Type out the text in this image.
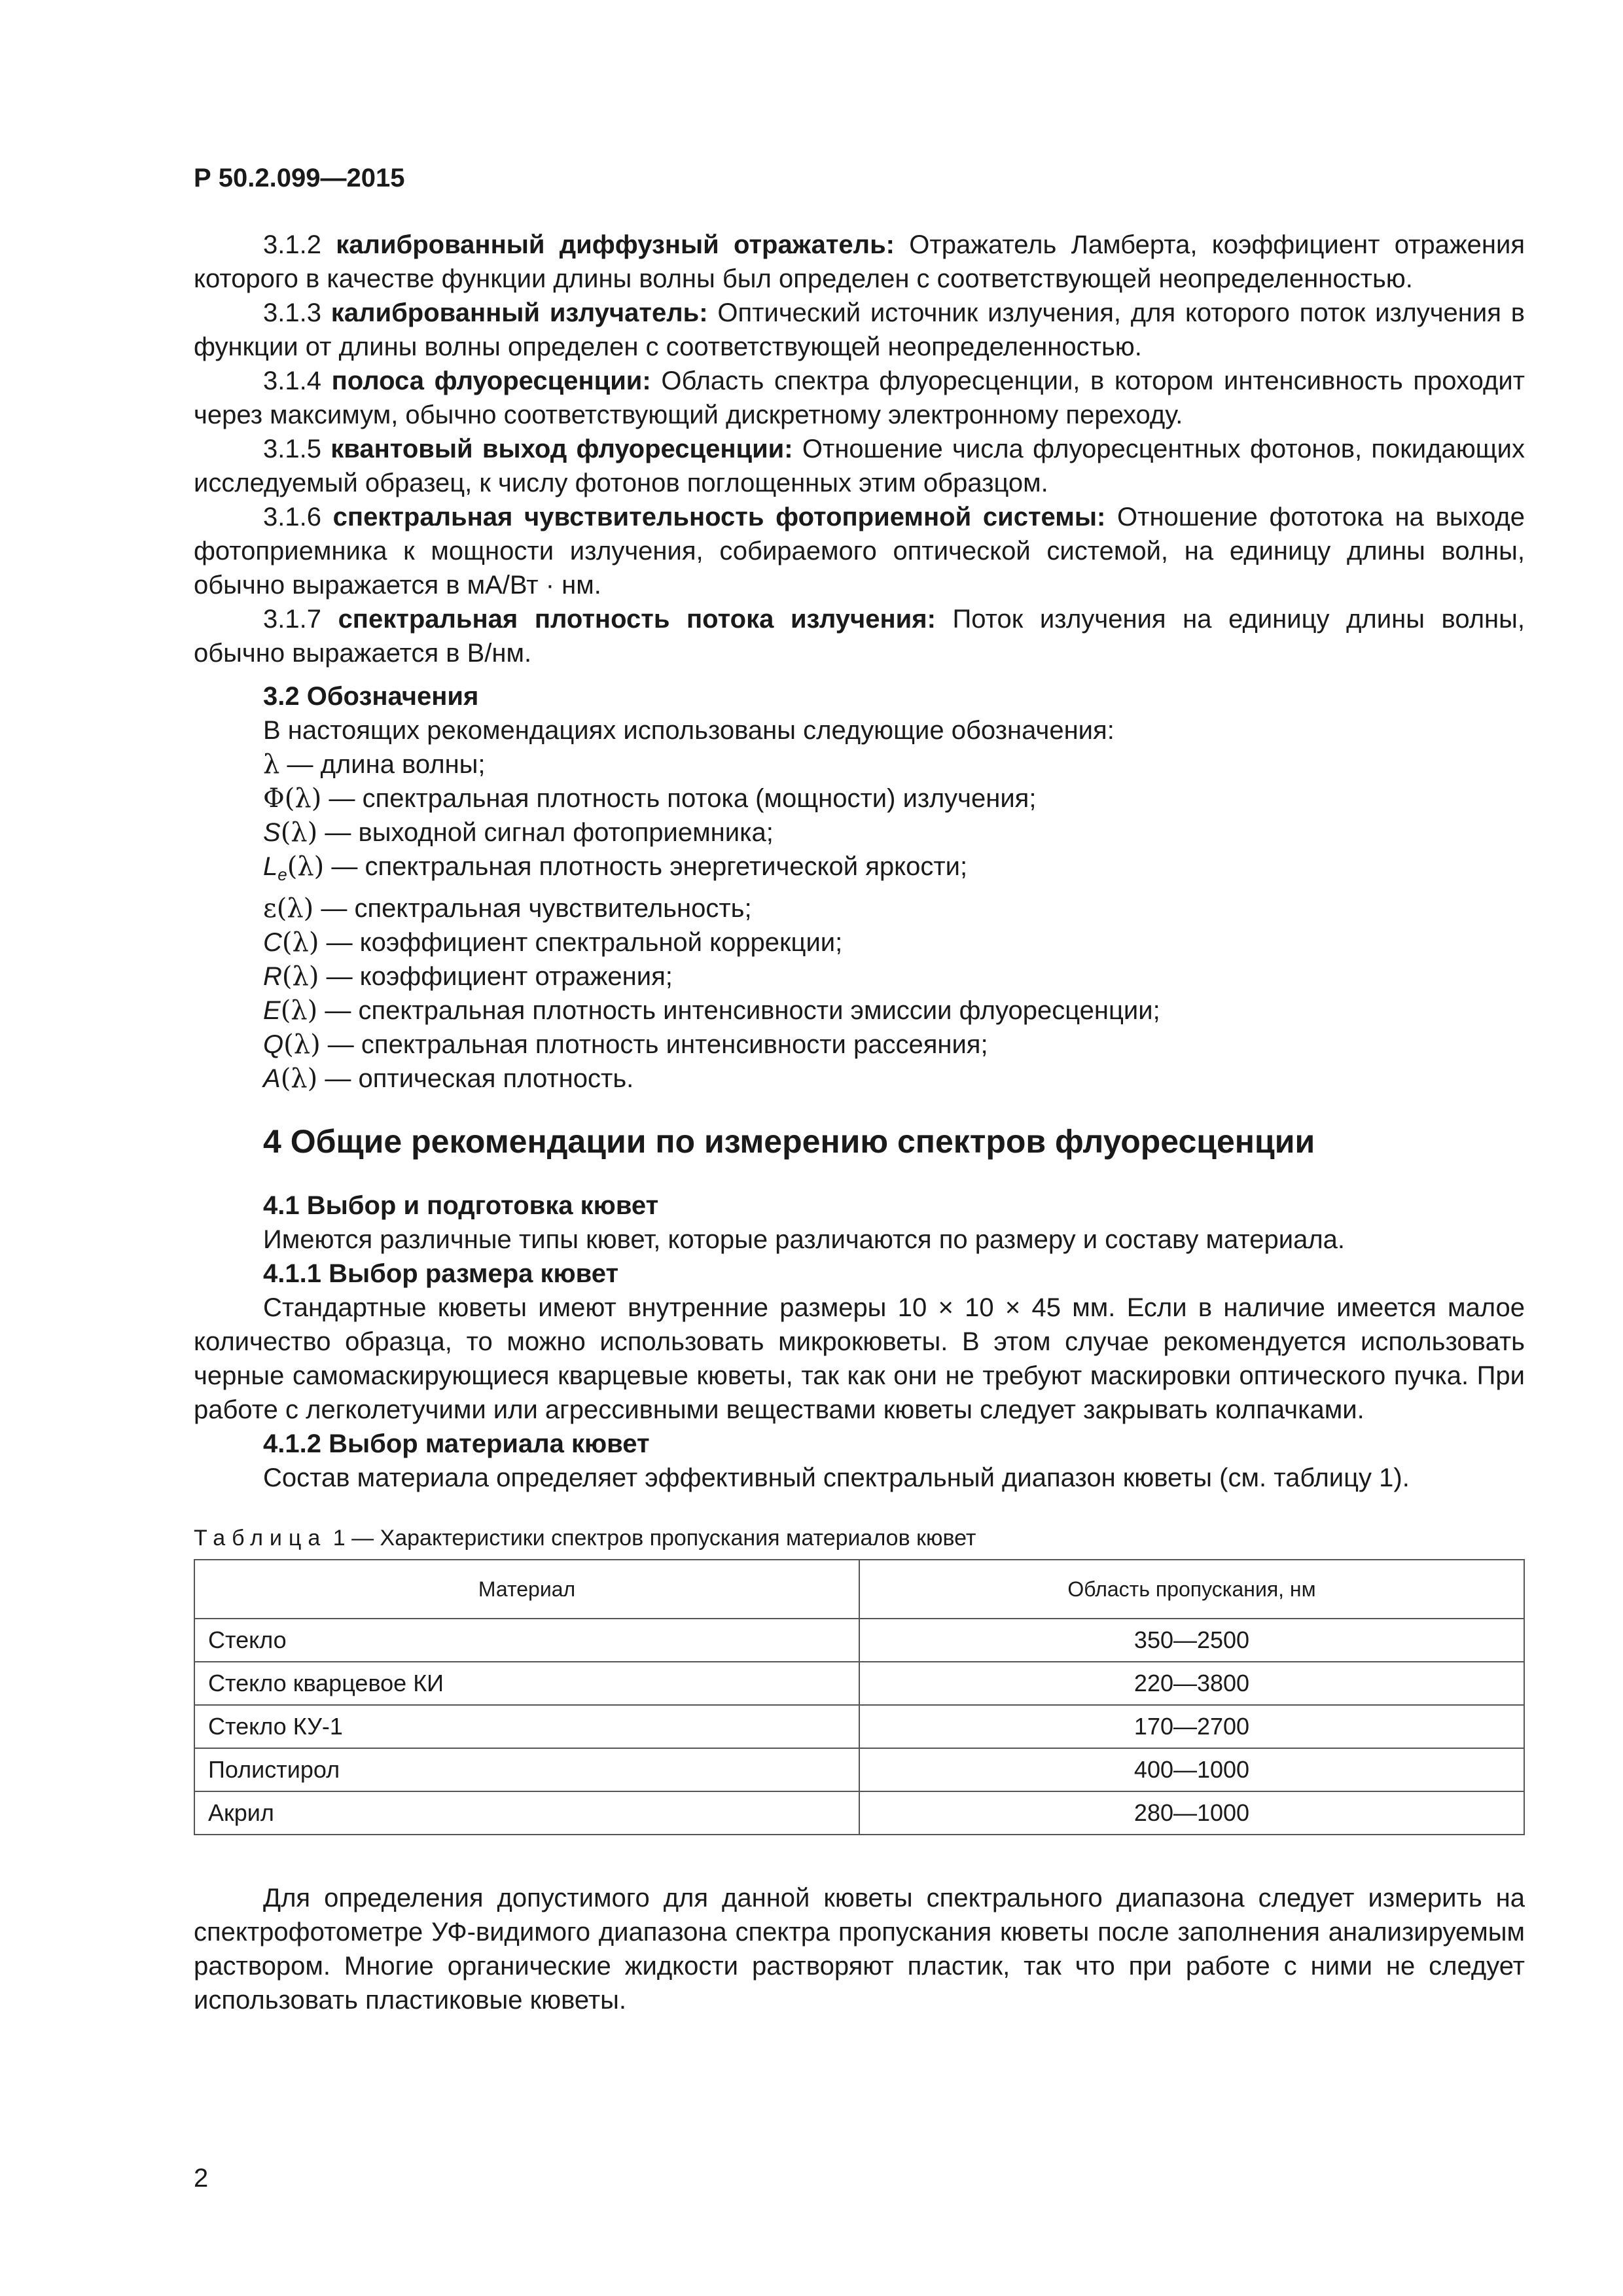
Р 50.2.099—2015

3.1.2 калиброванный диффузный отражатель: Отражатель Ламберта, коэффициент отражения которого в качестве функции длины волны был определен с соответствующей неопределенностью.

3.1.3 калиброванный излучатель: Оптический источник излучения, для которого поток излучения в функции от длины волны определен с соответствующей неопределенностью.

3.1.4 полоса флуоресценции: Область спектра флуоресценции, в котором интенсивность проходит через максимум, обычно соответствующий дискретному электронному переходу.

3.1.5 квантовый выход флуоресценции: Отношение числа флуоресцентных фотонов, покидающих исследуемый образец, к числу фотонов поглощенных этим образцом.

3.1.6 спектральная чувствительность фотоприемной системы: Отношение фототока на выходе фотоприемника к мощности излучения, собираемого оптической системой, на единицу длины волны, обычно выражается в мА/Вт · нм.

3.1.7 спектральная плотность потока излучения: Поток излучения на единицу длины волны, обычно выражается в В/нм.

3.2 Обозначения

В настоящих рекомендациях использованы следующие обозначения:

λ — длина волны;
Φ(λ) — спектральная плотность потока (мощности) излучения;
S(λ) — выходной сигнал фотоприемника;
$L_e(\lambda)$ — спектральная плотность энергетической яркости;
ε(λ) — спектральная чувствительность;
C(λ) — коэффициент спектральной коррекции;
R(λ) — коэффициент отражения;
E(λ) — спектральная плотность интенсивности эмиссии флуоресценции;
Q(λ) — спектральная плотность интенсивности рассеяния;
A(λ) — оптическая плотность.
4 Общие рекомендации по измерению спектров флуоресценции

4.1 Выбор и подготовка кювет

Имеются различные типы кювет, которые различаются по размеру и составу материала.

4.1.1 Выбор размера кювет

Стандартные кюветы имеют внутренние размеры 10 × 10 × 45 мм. Если в наличие имеется малое количество образца, то можно использовать микрокюветы. В этом случае рекомендуется использовать черные самомаскирующиеся кварцевые кюветы, так как они не требуют маскировки оптического пучка. При работе с легколетучими или агрессивными веществами кюветы следует закрывать колпачками.

4.1.2 Выбор материала кювет

Состав материала определяет эффективный спектральный диапазон кюветы (см. таблицу 1).

Таблица 1 — Характеристики спектров пропускания материалов кювет
Материал	Область пропускания, нм
Стекло	350—2500
Стекло кварцевое КИ	220—3800
Стекло КУ-1	170—2700
Полистирол	400—1000
Акрил	280—1000

Для определения допустимого для данной кюветы спектрального диапазона следует измерить на спектрофотометре УФ-видимого диапазона спектра пропускания кюветы после заполнения анализируемым раствором. Многие органические жидкости растворяют пластик, так что при работе с ними не следует использовать пластиковые кюветы.

2
